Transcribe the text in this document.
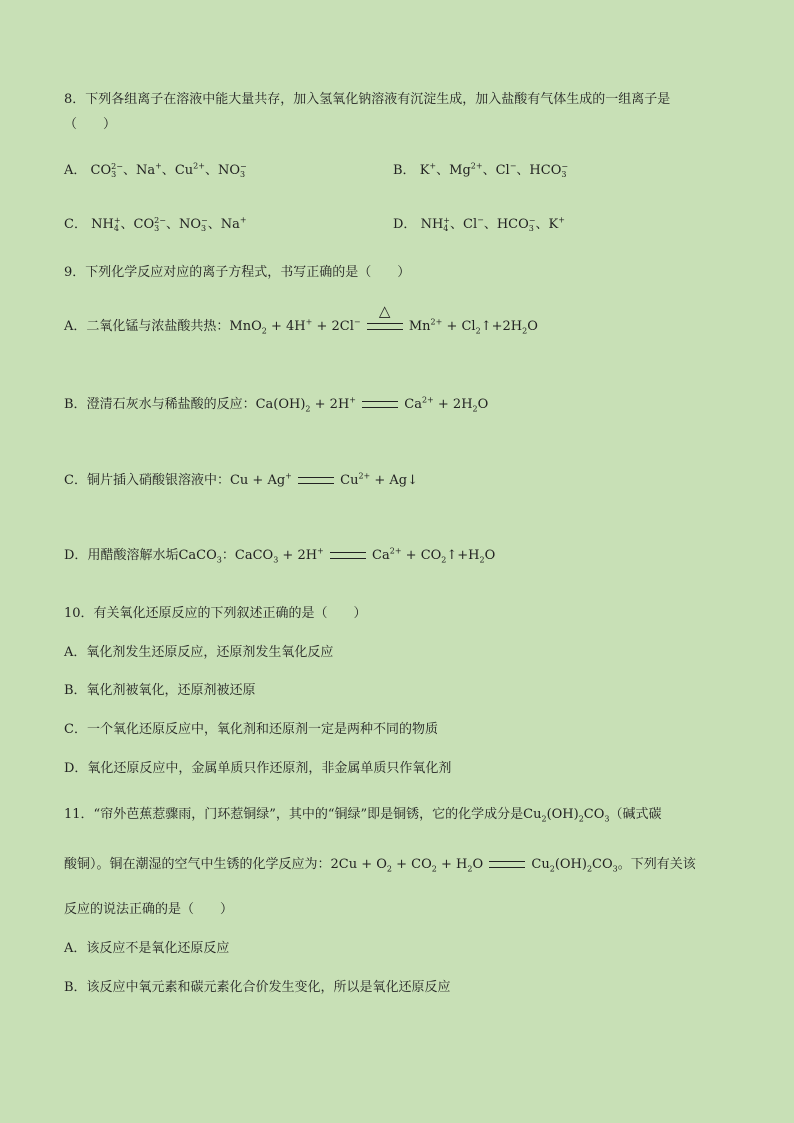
8．下列各组离子在溶液中能大量共存，加入氢氧化钠溶液有沉淀生成，加入盐酸有气体生成的一组离子是
（　　）
A． CO 2−
3 、Na+、$Cu^{2+}$、NO −
3	B． K+、$Mg^{2+}$、Cl−、HCO −
3
C． NH +
4 、CO 2−
3 、NO −
3 、Na+	D． NH +
4 、Cl−、HCO −
3 、K+
9．下列化学反应对应的离子方程式，书写正确的是（　　）
A．二氧化锰与浓盐酸共热：MnO$_2$ + 4H+ + 2Cl−
△
$Mn^{2+}$ + $Cl_2↑+2H_2O$
B．澄清石灰水与稀盐酸的反应：$Ca(OH)_2 + 2H^+$	$Ca^{2+} + 2H_2O$
C．铜片插入硝酸银溶液中：Cu + Ag+	$Cu^{2+}$ + Ag↓
D．用醋酸溶解水垢CaCO$_3$：CaCO$_3$ + 2H+	$Ca^{2+}$ + $CO_2↑+H_2O$
10．有关氧化还原反应的下列叙述正确的是（　　）
A．氧化剂发生还原反应，还原剂发生氧化反应
B．氧化剂被氧化，还原剂被还原
C．一个氧化还原反应中，氧化剂和还原剂一定是两种不同的物质
D．氧化还原反应中，金属单质只作还原剂，非金属单质只作氧化剂
11．“帘外芭蕉惹骤雨，门环惹铜绿”，其中的“铜绿”即是铜锈，它的化学成分是$Cu_2(OH)_2CO_3$（碱式碳
酸铜）。铜在潮湿的空气中生锈的化学反应为：$2Cu + O_2 + CO_2 + H_2O$	$Cu_2(OH)_2CO_3$。下列有关该
反应的说法正确的是（　　）
A．该反应不是氧化还原反应
B．该反应中氧元素和碳元素化合价发生变化，所以是氧化还原反应
